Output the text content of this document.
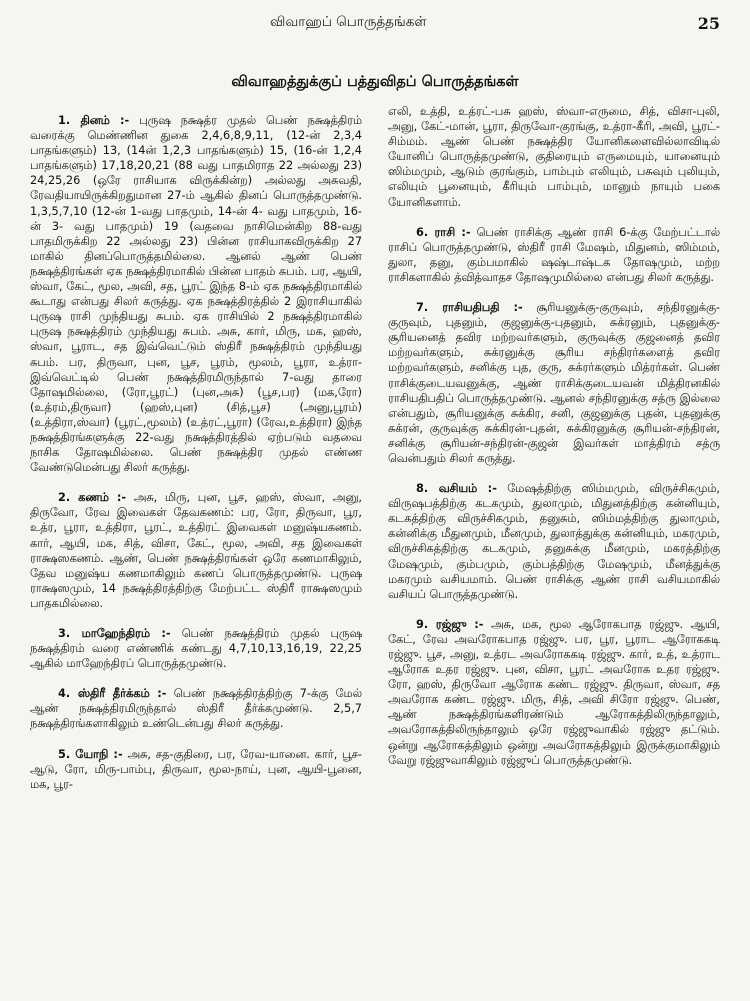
விவாஹப் பொருத்தங்கள்	25
விவாஹத்துக்குப் பத்துவிதப் பொருத்தங்கள்

1. தினம் :- புருஷ நக்ஷத்ர முதல் பெண் நக்ஷத்திரம் வரைக்கு மெண்ணின துகை 2,4,6,8,9,11, (12-ன் 2,3,4 பாதங்களும்) 13, (14ன் 1,2,3 பாதங்களும்) 15, (16-ன் 1,2,4 பாதங்களும்) 17,18,20,21 (88 வது பாதமிராத 22 அல்லது 23) 24,25,26 (ஒரே ராசியாக விருக்கின்ற) அல்லது அசுவதி, ரேவதியாயிருக்கிறதுமான 27-ம் ஆகில் தினப் பொருத்தமுண்டு. 1,3,5,7,10 (12-ன் 1-வது பாதமும், 14-ன் 4- வது பாதமும், 16-ன் 3- வது பாதமும்) 19 (வதவை நாசிமென்கிற 88-வது பாதமிருக்கிற 22 அல்லது 23) பின்ன ராசியாகவிருக்கிற 27 மாகில் தினப்பொருத்தமில்லை. ஆனல் ஆண் பெண் நக்ஷத்திரங்கள் ஏக நக்ஷத்திரமாகில் பின்ன பாதம் சுபம். பர, ஆயி, ஸ்வா, கேட், மூல, அவி, சத, பூரட் இந்த 8-ம் ஏக நக்ஷத்திரமாகில் கூடாது என்பது சிலர் கருத்து. ஏக நக்ஷத்திரத்தில் 2 இராசியாகில் புருஷ ராசி முந்தியது சுபம். ஏக ராசியில் 2 நக்ஷத்திரமாகில் புருஷ நக்ஷத்திரம் முந்தியது சுபம். அசு, கார், மிரு, மக, ஹஸ், ஸ்வா, பூராட, சத இவ்வெட்டும் ஸ்திரீ நக்ஷத்திரம் முந்தியது சுபம். பர, திருவா, புன, பூச, பூரம், மூலம், பூரா, உத்ரா-இவ்வெட்டில் பெண் நக்ஷத்திரமிருந்தால் 7-வது தாரை தோஷமில்லை, (ரோ,பூரட்) (புன,அசு) (பூச,பர) (மக,ரோ) (உத்ரம்,திருவா) (ஹஸ்,புன) (சித்,பூச) (அனு,பூரம்) (உத்திரா,ஸ்வா) (பூரட்,மூலம்) (உத்ரட்,பூரா) (ரேவ,உத்திரா) இந்த நக்ஷத்திரங்களுக்கு 22-வது நக்ஷத்திரத்தில் ஏற்படும் வதவை நாசிக தோஷமில்லை. பெண் நக்ஷத்திர முதல் எண்ண வேண்டுமென்பது சிலர் கருத்து.

2. கணம் :- அசு, மிரு, புன, பூச, ஹஸ், ஸ்வா, அனு, திருவோ, ரேவ இவைகள் தேவகணம்: பர, ரோ, திருவா, பூர, உத்ர, பூரா, உத்திரா, பூரட், உத்திரட் இவைகள் மனுஷ்யகணம். கார், ஆயி, மக, சித், விசா, கேட், மூல, அவி, சத இவைகள் ராக்ஷஸகணம். ஆண், பெண் நக்ஷத்திரங்கள் ஒரே கணமாகிலும், தேவ மனுஷ்ய கணமாகிலும் கணப் பொருத்தமுண்டு. புருஷ ராக்ஷஸமும், 14 நக்ஷத்திரத்திற்கு மேற்பட்ட ஸ்திரீ ராக்ஷஸமும் பாதகமில்லை.

3. மாஹேந்திரம் :- பெண் நக்ஷத்திரம் முதல் புருஷ நக்ஷத்திரம் வரை எண்ணிக் கண்டது 4,7,10,13,16,19, 22,25 ஆகில் மாஹேந்திரப் பொருத்தமுண்டு.

4. ஸ்திரீ தீர்க்கம் :- பெண் நக்ஷத்திரத்திற்கு 7-க்கு மேல் ஆண் நக்ஷத்திரமிருந்தால் ஸ்திரீ தீர்க்கமுண்டு. 2,5,7 நக்ஷத்திரங்களாகிலும் உண்டென்பது சிலர் கருத்து.

5. யோநி :- அசு, சத-குதிரை, பர, ரேவ-யானை. கார், பூச-ஆடு, ரோ, மிரு-பாம்பு, திருவா, மூல-நாய், புன, ஆயி-பூனை, மக, பூர-

எலி, உத்தி, உத்ரட்-பசு ஹஸ், ஸ்வா-எருமை, சித், விசா-புலி, அனு, கேட்-மான், பூரா, திருவோ-குரங்கு, உத்ரா-கீரி, அவி, பூரட்-சிம்மம். ஆண் பெண் நக்ஷத்திர யோனிகளைவில்லாவிடில் யோனிப் பொருத்தமுண்டு, குதிரையும் எருமையும், யானையும் ஸிம்மமும், ஆடும் குரங்கும், பாம்பும் எலியும், பசுவும் புலியும், எலியும் பூனையும், கீரியும் பாம்பும், மானும் நாயும் பகை யோனிகளாம்.

6. ராசி :- பெண் ராசிக்கு ஆண் ராசி 6-க்கு மேற்பட்டால் ராசிப் பொருத்தமுண்டு, ஸ்திரீ ராசி மேஷம், மிதுனம், ஸிம்மம், துலா, தனு, கும்பமாகில் ஷஷ்டாஷ்டக தோஷமும், மற்ற ராசிகளாகில் த்வித்வாதச தோஷமுமில்லை என்பது சிலர் கருத்து.

7. ராசியதிபதி :- சூரியனுக்கு-குருவும், சந்திரனுக்கு-குருவும், புதனும், குஜனுக்கு-புதனும், சுக்ரனும், புதனுக்கு-சூரியனைத் தவிர மற்றவர்களும், குருவுக்கு குஜனைத் தவிர மற்றவர்களும், சுக்ரனுக்கு சூரிய சந்திரர்களைத் தவிர மற்றவர்களும், சனிக்கு புத, குரு, சுக்ரர்களும் மித்ரர்கள். பெண் ராசிக்குடையவனுக்கு, ஆண் ராசிக்குடையவன் மித்திரனகில் ராசியதிபதிப் பொருத்தமுண்டு. ஆனல் சந்திரனுக்கு சத்ரு இல்லை என்பதும், சூரியனுக்கு சுக்கிர, சனி, குஜனுக்கு புதன், புதனுக்கு சுக்ரன், குருவுக்கு சுக்கிரன்-புதன், சுக்கிரனுக்கு சூரியன்-சந்திரன், சனிக்கு சூரியன்-சந்திரன்-குஜன் இவர்கள் மாத்திரம் சத்ரு வென்பதும் சிலர் கருத்து.

8. வசியம் :- மேஷத்திற்கு ஸிம்மமும், விருச்சிகமும், விருஷபத்திற்கு கடகமும், துலாமும், மிதுனத்திற்கு கன்னியும், கடகத்திற்கு விருச்சிகமும், தனுசும், ஸிம்மத்திற்கு துலாமும், கன்னிக்கு மீதுனமும், மீனமும், துலாத்துக்கு கன்னியும், மகரமும், விருச்சிகத்திற்கு கடகமும், தனுசுக்கு மீனமும், மகரத்திற்கு மேஷமும், கும்பமும், கும்பத்திற்கு மேஷமும், மீனத்துக்கு மகரமும் வசியமாம். பெண் ராசிக்கு ஆண் ராசி வசியமாகில் வசியப் பொருத்தமுண்டு.

9. ரஜ்ஜு :- அசு, மக, மூல ஆரோகபாத ரஜ்ஜு. ஆயி, கேட், ரேவ அவரோகபாத ரஜ்ஜு. பர, பூர, பூராட ஆரோககடி ரஜ்ஜு. பூச, அனு, உத்ரட அவரோககடி ரஜ்ஜு. கார், உத், உத்ராட ஆரோக உதர ரஜ்ஜு. புன, விசா, பூரட் அவரோக உதர ரஜ்ஜு. ரோ, ஹஸ், திருவோ ஆரோக கண்ட ரஜ்ஜு. திருவா, ஸ்வா, சத அவரோக கண்ட ரஜ்ஜு. மிரு, சித், அவி சிரோ ரஜ்ஜு. பெண், ஆண் நக்ஷத்திரங்களிரண்டும் ஆரோகத்திலிருந்தாலும், அவரோகத்திலிருந்தாலும் ஒரே ரஜ்ஜுவாகில் ரஜ்ஜு தட்டும். ஒன்று ஆரோகத்திலும் ஒன்று அவரோகத்திலும் இருக்குமாகிலும் வேறு ரஜ்ஜுவாகிலும் ரஜ்ஜுப் பொருத்தமுண்டு.
